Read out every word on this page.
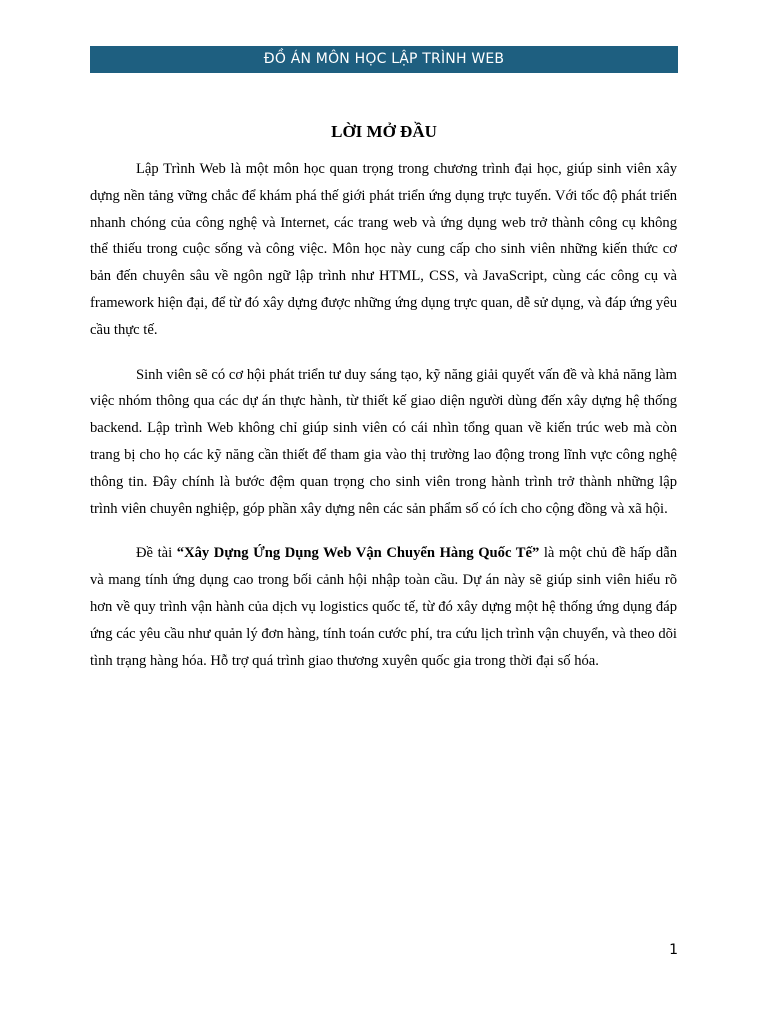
ĐỒ ÁN MÔN HỌC LẬP TRÌNH WEB
LỜI MỞ ĐẦU

Lập Trình Web là một môn học quan trọng trong chương trình đại học, giúp sinh viên xây dựng nền tảng vững chắc để khám phá thế giới phát triển ứng dụng trực tuyến. Với tốc độ phát triển nhanh chóng của công nghệ và Internet, các trang web và ứng dụng web trở thành công cụ không thể thiếu trong cuộc sống và công việc. Môn học này cung cấp cho sinh viên những kiến thức cơ bản đến chuyên sâu về ngôn ngữ lập trình như HTML, CSS, và JavaScript, cùng các công cụ và framework hiện đại, để từ đó xây dựng được những ứng dụng trực quan, dễ sử dụng, và đáp ứng yêu cầu thực tế.

Sinh viên sẽ có cơ hội phát triển tư duy sáng tạo, kỹ năng giải quyết vấn đề và khả năng làm việc nhóm thông qua các dự án thực hành, từ thiết kế giao diện người dùng đến xây dựng hệ thống backend. Lập trình Web không chỉ giúp sinh viên có cái nhìn tổng quan về kiến trúc web mà còn trang bị cho họ các kỹ năng cần thiết để tham gia vào thị trường lao động trong lĩnh vực công nghệ thông tin. Đây chính là bước đệm quan trọng cho sinh viên trong hành trình trở thành những lập trình viên chuyên nghiệp, góp phần xây dựng nên các sản phẩm số có ích cho cộng đồng và xã hội.

Đề tài “Xây Dựng Ứng Dụng Web Vận Chuyển Hàng Quốc Tế” là một chủ đề hấp dẫn và mang tính ứng dụng cao trong bối cảnh hội nhập toàn cầu. Dự án này sẽ giúp sinh viên hiểu rõ hơn về quy trình vận hành của dịch vụ logistics quốc tế, từ đó xây dựng một hệ thống ứng dụng đáp ứng các yêu cầu như quản lý đơn hàng, tính toán cước phí, tra cứu lịch trình vận chuyển, và theo dõi tình trạng hàng hóa. Hỗ trợ quá trình giao thương xuyên quốc gia trong thời đại số hóa.

1
